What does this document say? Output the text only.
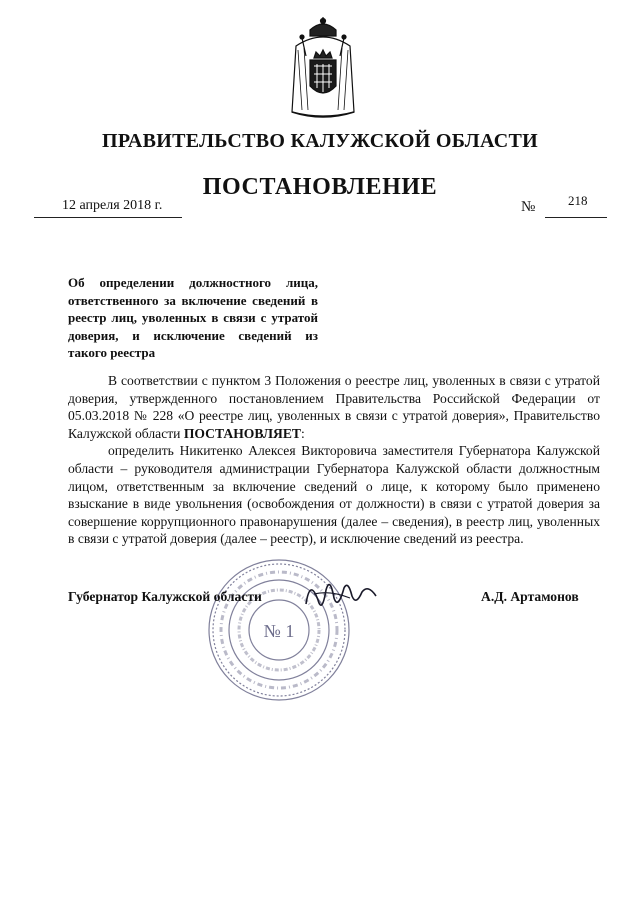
ПРАВИТЕЛЬСТВО КАЛУЖСКОЙ ОБЛАСТИ
ПОСТАНОВЛЕНИЕ
12 апреля 2018 г.	№	218
Об определении должностного лица, ответственного за включение сведений в реестр лиц, уволенных в связи с утратой доверия, и исключение сведений из такого реестра

В соответствии с пунктом 3 Положения о реестре лиц, уволенных в связи с утратой доверия, утвержденного постановлением Правительства Российской Федерации от 05.03.2018 № 228 «О реестре лиц, уволенных в связи с утратой доверия», Правительство Калужской области ПОСТАНОВЛЯЕТ:

определить Никитенко Алексея Викторовича заместителя Губернатора Калужской области – руководителя администрации Губернатора Калужской области должностным лицом, ответственным за включение сведений о лице, к которому было применено взыскание в виде увольнения (освобождения от должности) в связи с утратой доверия за совершение коррупционного правонарушения (далее – сведения), в реестр лиц, уволенных в связи с утратой доверия (далее – реестр), и исключение сведений из реестра.

№ 1
Губернатор Калужской области	А.Д. Артамонов
